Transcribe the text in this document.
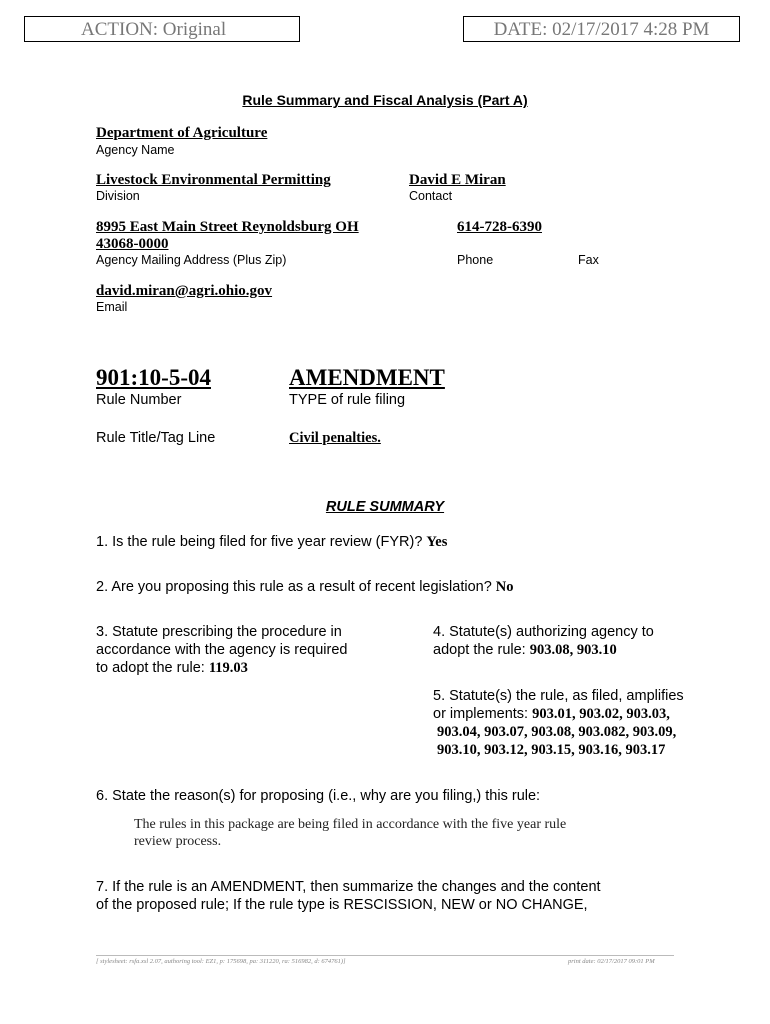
ACTION: Original	DATE: 02/17/2017 4:28 PM
Rule Summary and Fiscal Analysis (Part A)
Department of Agriculture
Agency Name
Livestock Environmental Permitting
Division
David E Miran
Contact
8995 East Main Street Reynoldsburg OH
43068-0000
Agency Mailing Address (Plus Zip)
614-728-6390
Phone	Fax
david.miran@agri.ohio.gov
Email
901:10-5-04
Rule Number
AMENDMENT
TYPE of rule filing
Rule Title/Tag Line	Civil penalties.
RULE SUMMARY
1. Is the rule being filed for five year review (FYR)? Yes
2. Are you proposing this rule as a result of recent legislation? No
3. Statute prescribing the procedure in
accordance with the agency is required
to adopt the rule: 119.03
4. Statute(s) authorizing agency to
adopt the rule: 903.08, 903.10
5. Statute(s) the rule, as filed, amplifies
or implements: 903.01, 903.02, 903.03,
903.04, 903.07, 903.08, 903.082, 903.09,
903.10, 903.12, 903.15, 903.16, 903.17
6. State the reason(s) for proposing (i.e., why are you filing,) this rule:
The rules in this package are being filed in accordance with the five year rule
review process.
7. If the rule is an AMENDMENT, then summarize the changes and the content
of the proposed rule; If the rule type is RESCISSION, NEW or NO CHANGE,
[ stylesheet: rsfa.xsl 2.07, authoring tool: EZ1, p: 175698, pa: 311220, ra: 516982, d: 674761)]	print date: 02/17/2017 09:01 PM
